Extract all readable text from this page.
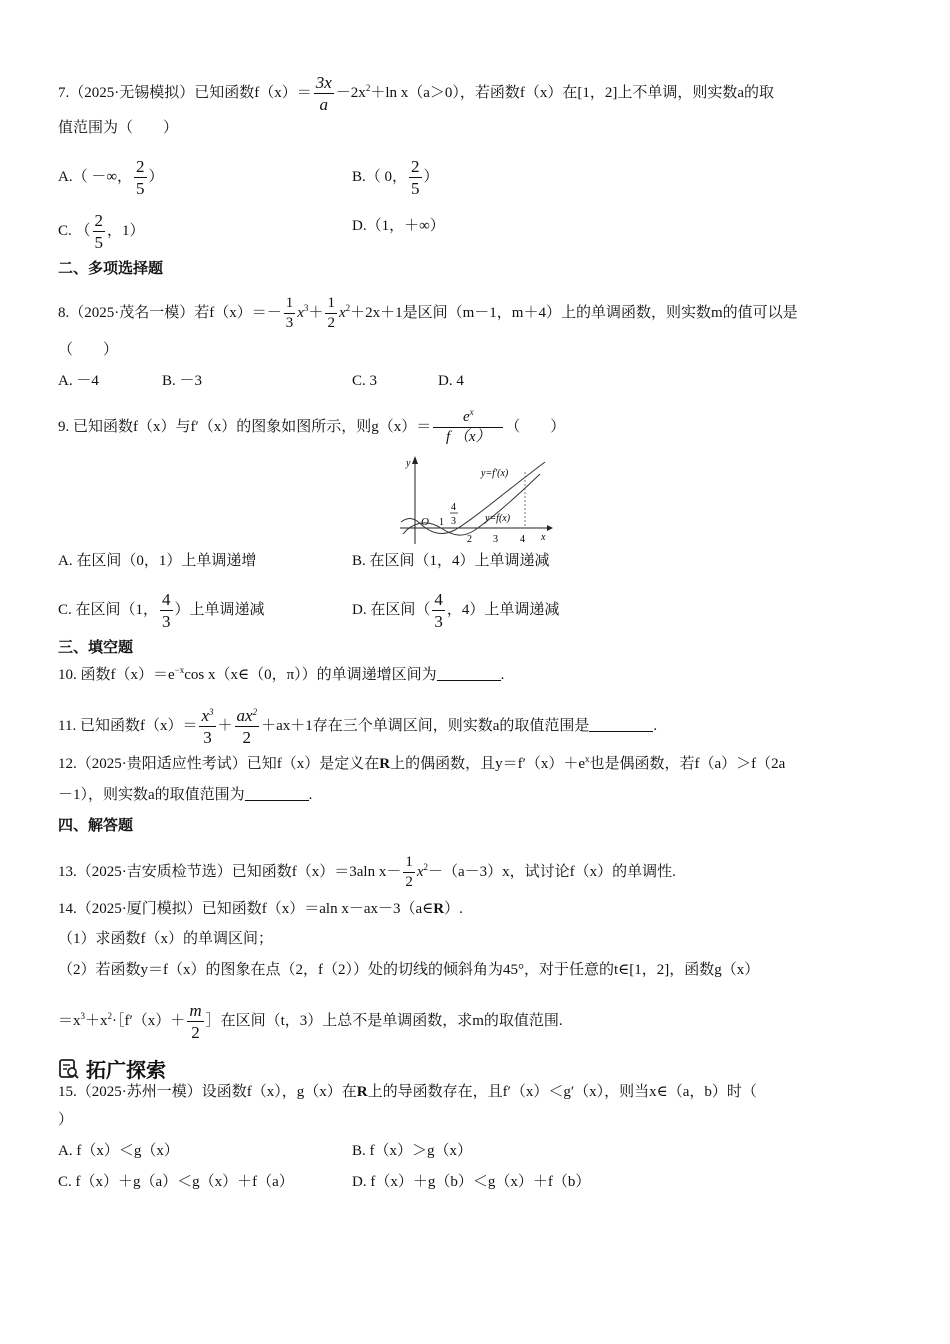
7.（2025·无锡模拟）已知函数$f(x)= \frac{3x}{a} -2x^2+\ln$ x（a＞0），若函数f（x）在[1，2]上不单调，则实数a的取
值范围为（　　）
A.（ －∞， $\frac{2}{5}$ ）	B.（ 0， $\frac{2}{5}$ ）
C. （ $\frac{2}{5}$ ，1）	D.（1，＋∞）
二、多项选择题
8.（2025·茂名一模）若$f(x)=- \frac{1}{3} x^3+ \frac{1}{2} x^2+2x+1$是区间（m－1，m＋4）上的单调函数，则实数m的值可以是
（　　）
A. －4	B. －3	C. 3	D. 4
9. 已知函数f（x）与f′（x）的图象如图所示，则$g(x)= \frac{e^x}{f (x)}$ （　　）
y
x
O 1
4
3
2 3 4
y=f′(x)
y=f(x)
A. 在区间（0，1）上单调递增	B. 在区间（1，4）上单调递减
C. 在区间（1， $\frac{4}{3}$ ）上单调递减	D. 在区间（ $\frac{4}{3}$ ，4）上单调递减
三、填空题
10. 函数$f(x)=e^{-x}\cos$ x（x∈（0，π））的单调递增区间为	.
11. 已知函数$f(x)= \frac{x^3}{3} + \frac{ax^2}{2} +ax+1$存在三个单调区间，则实数a的取值范围是	.
12.（2025·贵阳适应性考试）已知f（x）是定义在R上的偶函数，且$y=f'(x)+e^x$也是偶函数，若f（a）＞f（2a
－1），则实数a的取值范围为	.
四、解答题
13.（2025·吉安质检节选）已知函数f（x）＝3aln $x- \frac{1}{2} x^2-(a-3)x$，试讨论f（x）的单调性.
14.（2025·厦门模拟）已知函数f（x）＝aln x－ax－3（a∈R）.
（1）求函数f（x）的单调区间；
（2）若函数y＝f（x）的图象在点（2，f（2））处的切线的倾斜角为45°，对于任意的t∈[1，2]，函数g（x）
$=x^3+x^2\cdot[f'(x)+ \frac{m}{2}$ ］在区间（t，3）上总不是单调函数，求m的取值范围.
拓广探索
15.（2025·苏州一模）设函数f（x），g（x）在R上的导函数存在，且f′（x）＜g′（x），则当x∈（a，b）时（
）
A. f（x）＜g（x）	B. f（x）＞g（x）
C. f（x）＋g（a）＜g（x）＋f（a）	D. f（x）＋g（b）＜g（x）＋f（b）
